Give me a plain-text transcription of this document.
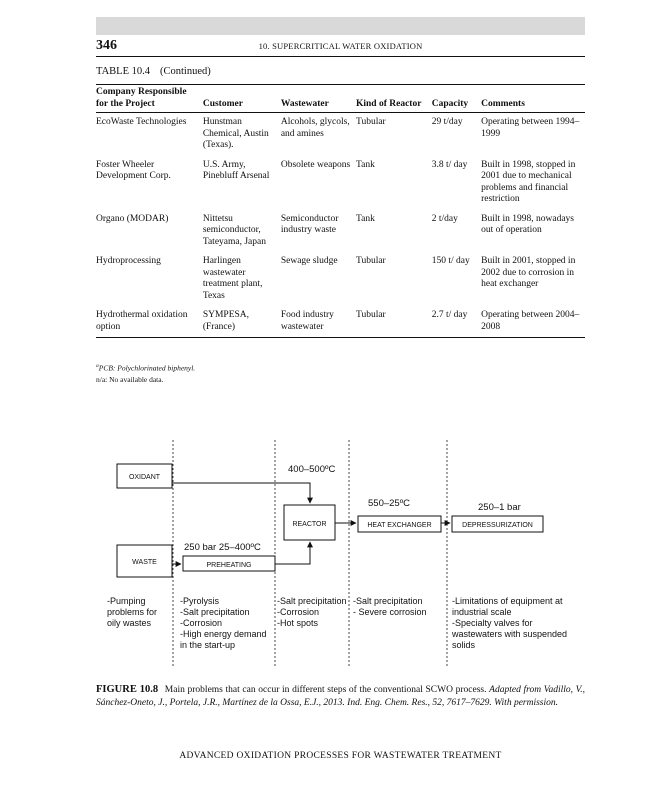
346	10. SUPERCRITICAL WATER OXIDATION
TABLE 10.4 (Continued)
Company Responsible for the Project	Customer	Wastewater	Kind of Reactor	Capacity	Comments
EcoWaste Technologies	Hunstman Chemical, Austin (Texas).	Alcohols, glycols, and amines	Tubular	29 t/day	Operating between 1994–1999
Foster Wheeler Development Corp.	U.S. Army, Pinebluff Arsenal	Obsolete weapons	Tank	3.8 t/ day	Built in 1998, stopped in 2001 due to mechanical problems and financial restriction
Organo (MODAR)	Nittetsu semiconductor, Tateyama, Japan	Semiconductor industry waste	Tank	2 t/day	Built in 1998, nowadays out of operation
Hydroprocessing	Harlingen wastewater treatment plant, Texas	Sewage sludge	Tubular	150 t/ day	Built in 2001, stopped in 2002 due to corrosion in heat exchanger
Hydrothermal oxidation option	SYMPESA, (France)	Food industry wastewater	Tubular	2.7 t/ day	Operating between 2004–2008
$^a$PCB: Polychlorinated biphenyl.
n/a: No available data.
OXIDANT
WASTE	PREHEATING
REACTOR	HEAT EXCHANGER	DEPRESSURIZATION
400–500ºC
550–25ºC	250–1 bar
250 bar 25–400ºC
-Pumping
problems for
oily wastes
-Pyrolysis
-Salt precipitation
-Corrosion
-High energy demand
in the start-up
-Salt precipitation
-Corrosion
-Hot spots
-Salt precipitation
- Severe corrosion
-Limitations of equipment at
industrial scale
-Specialty valves for
wastewaters with suspended
solids
FIGURE 10.8 Main problems that can occur in different steps of the conventional SCWO process. Adapted from Vadillo, V., Sánchez-Oneto, J., Portela, J.R., Martínez de la Ossa, E.J., 2013. Ind. Eng. Chem. Res., 52, 7617–7629. With permission.
ADVANCED OXIDATION PROCESSES FOR WASTEWATER TREATMENT
